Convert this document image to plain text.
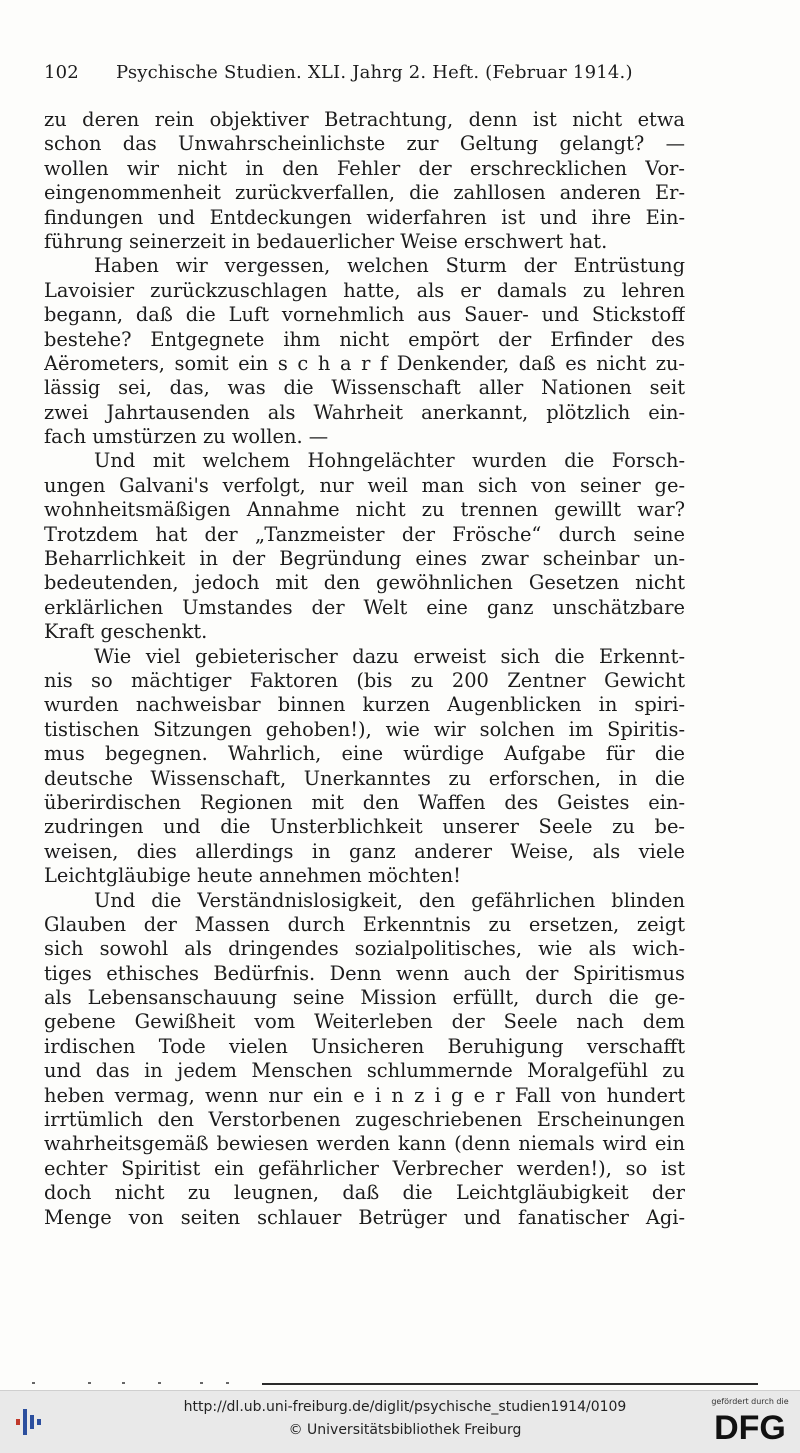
102 Psychische Studien. XLI. Jahrg 2. Heft. (Februar 1914.)
zu deren rein objektiver Betrachtung, denn ist nicht etwa
schon das Unwahrscheinlichste zur Geltung gelangt? —
wollen wir nicht in den Fehler der erschrecklichen Vor-
eingenommenheit zurückverfallen, die zahllosen anderen Er-
findungen und Entdeckungen widerfahren ist und ihre Ein-
führung seinerzeit in bedauerlicher Weise erschwert hat.
Haben wir vergessen, welchen Sturm der Entrüstung
Lavoisier zurückzuschlagen hatte, als er damals zu lehren
begann, daß die Luft vornehmlich aus Sauer- und Stickstoff
bestehe? Entgegnete ihm nicht empört der Erfinder des
Aërometers, somit ein s c h a r f Denkender, daß es nicht zu-
lässig sei, das, was die Wissenschaft aller Nationen seit
zwei Jahrtausenden als Wahrheit anerkannt, plötzlich ein-
fach umstürzen zu wollen. —
Und mit welchem Hohngelächter wurden die Forsch-
ungen Galvani's verfolgt, nur weil man sich von seiner ge-
wohnheitsmäßigen Annahme nicht zu trennen gewillt war?
Trotzdem hat der „Tanzmeister der Frösche“ durch seine
Beharrlichkeit in der Begründung eines zwar scheinbar un-
bedeutenden, jedoch mit den gewöhnlichen Gesetzen nicht
erklärlichen Umstandes der Welt eine ganz unschätzbare
Kraft geschenkt.
Wie viel gebieterischer dazu erweist sich die Erkennt-
nis so mächtiger Faktoren (bis zu 200 Zentner Gewicht
wurden nachweisbar binnen kurzen Augenblicken in spiri-
tistischen Sitzungen gehoben!), wie wir solchen im Spiritis-
mus begegnen. Wahrlich, eine würdige Aufgabe für die
deutsche Wissenschaft, Unerkanntes zu erforschen, in die
überirdischen Regionen mit den Waffen des Geistes ein-
zudringen und die Unsterblichkeit unserer Seele zu be-
weisen, dies allerdings in ganz anderer Weise, als viele
Leichtgläubige heute annehmen möchten!
Und die Verständnislosigkeit, den gefährlichen blinden
Glauben der Massen durch Erkenntnis zu ersetzen, zeigt
sich sowohl als dringendes sozialpolitisches, wie als wich-
tiges ethisches Bedürfnis. Denn wenn auch der Spiritismus
als Lebensanschauung seine Mission erfüllt, durch die ge-
gebene Gewißheit vom Weiterleben der Seele nach dem
irdischen Tode vielen Unsicheren Beruhigung verschafft
und das in jedem Menschen schlummernde Moralgefühl zu
heben vermag, wenn nur ein e i n z i g e r Fall von hundert
irrtümlich den Verstorbenen zugeschriebenen Erscheinungen
wahrheitsgemäß bewiesen werden kann (denn niemals wird ein
echter Spiritist ein gefährlicher Verbrecher werden!), so ist
doch nicht zu leugnen, daß die Leichtgläubigkeit der
Menge von seiten schlauer Betrüger und fanatischer Agi-
http://dl.ub.uni-freiburg.de/diglit/psychische_studien1914/0109
© Universitätsbibliothek Freiburg
gefördert durch die
DFG
